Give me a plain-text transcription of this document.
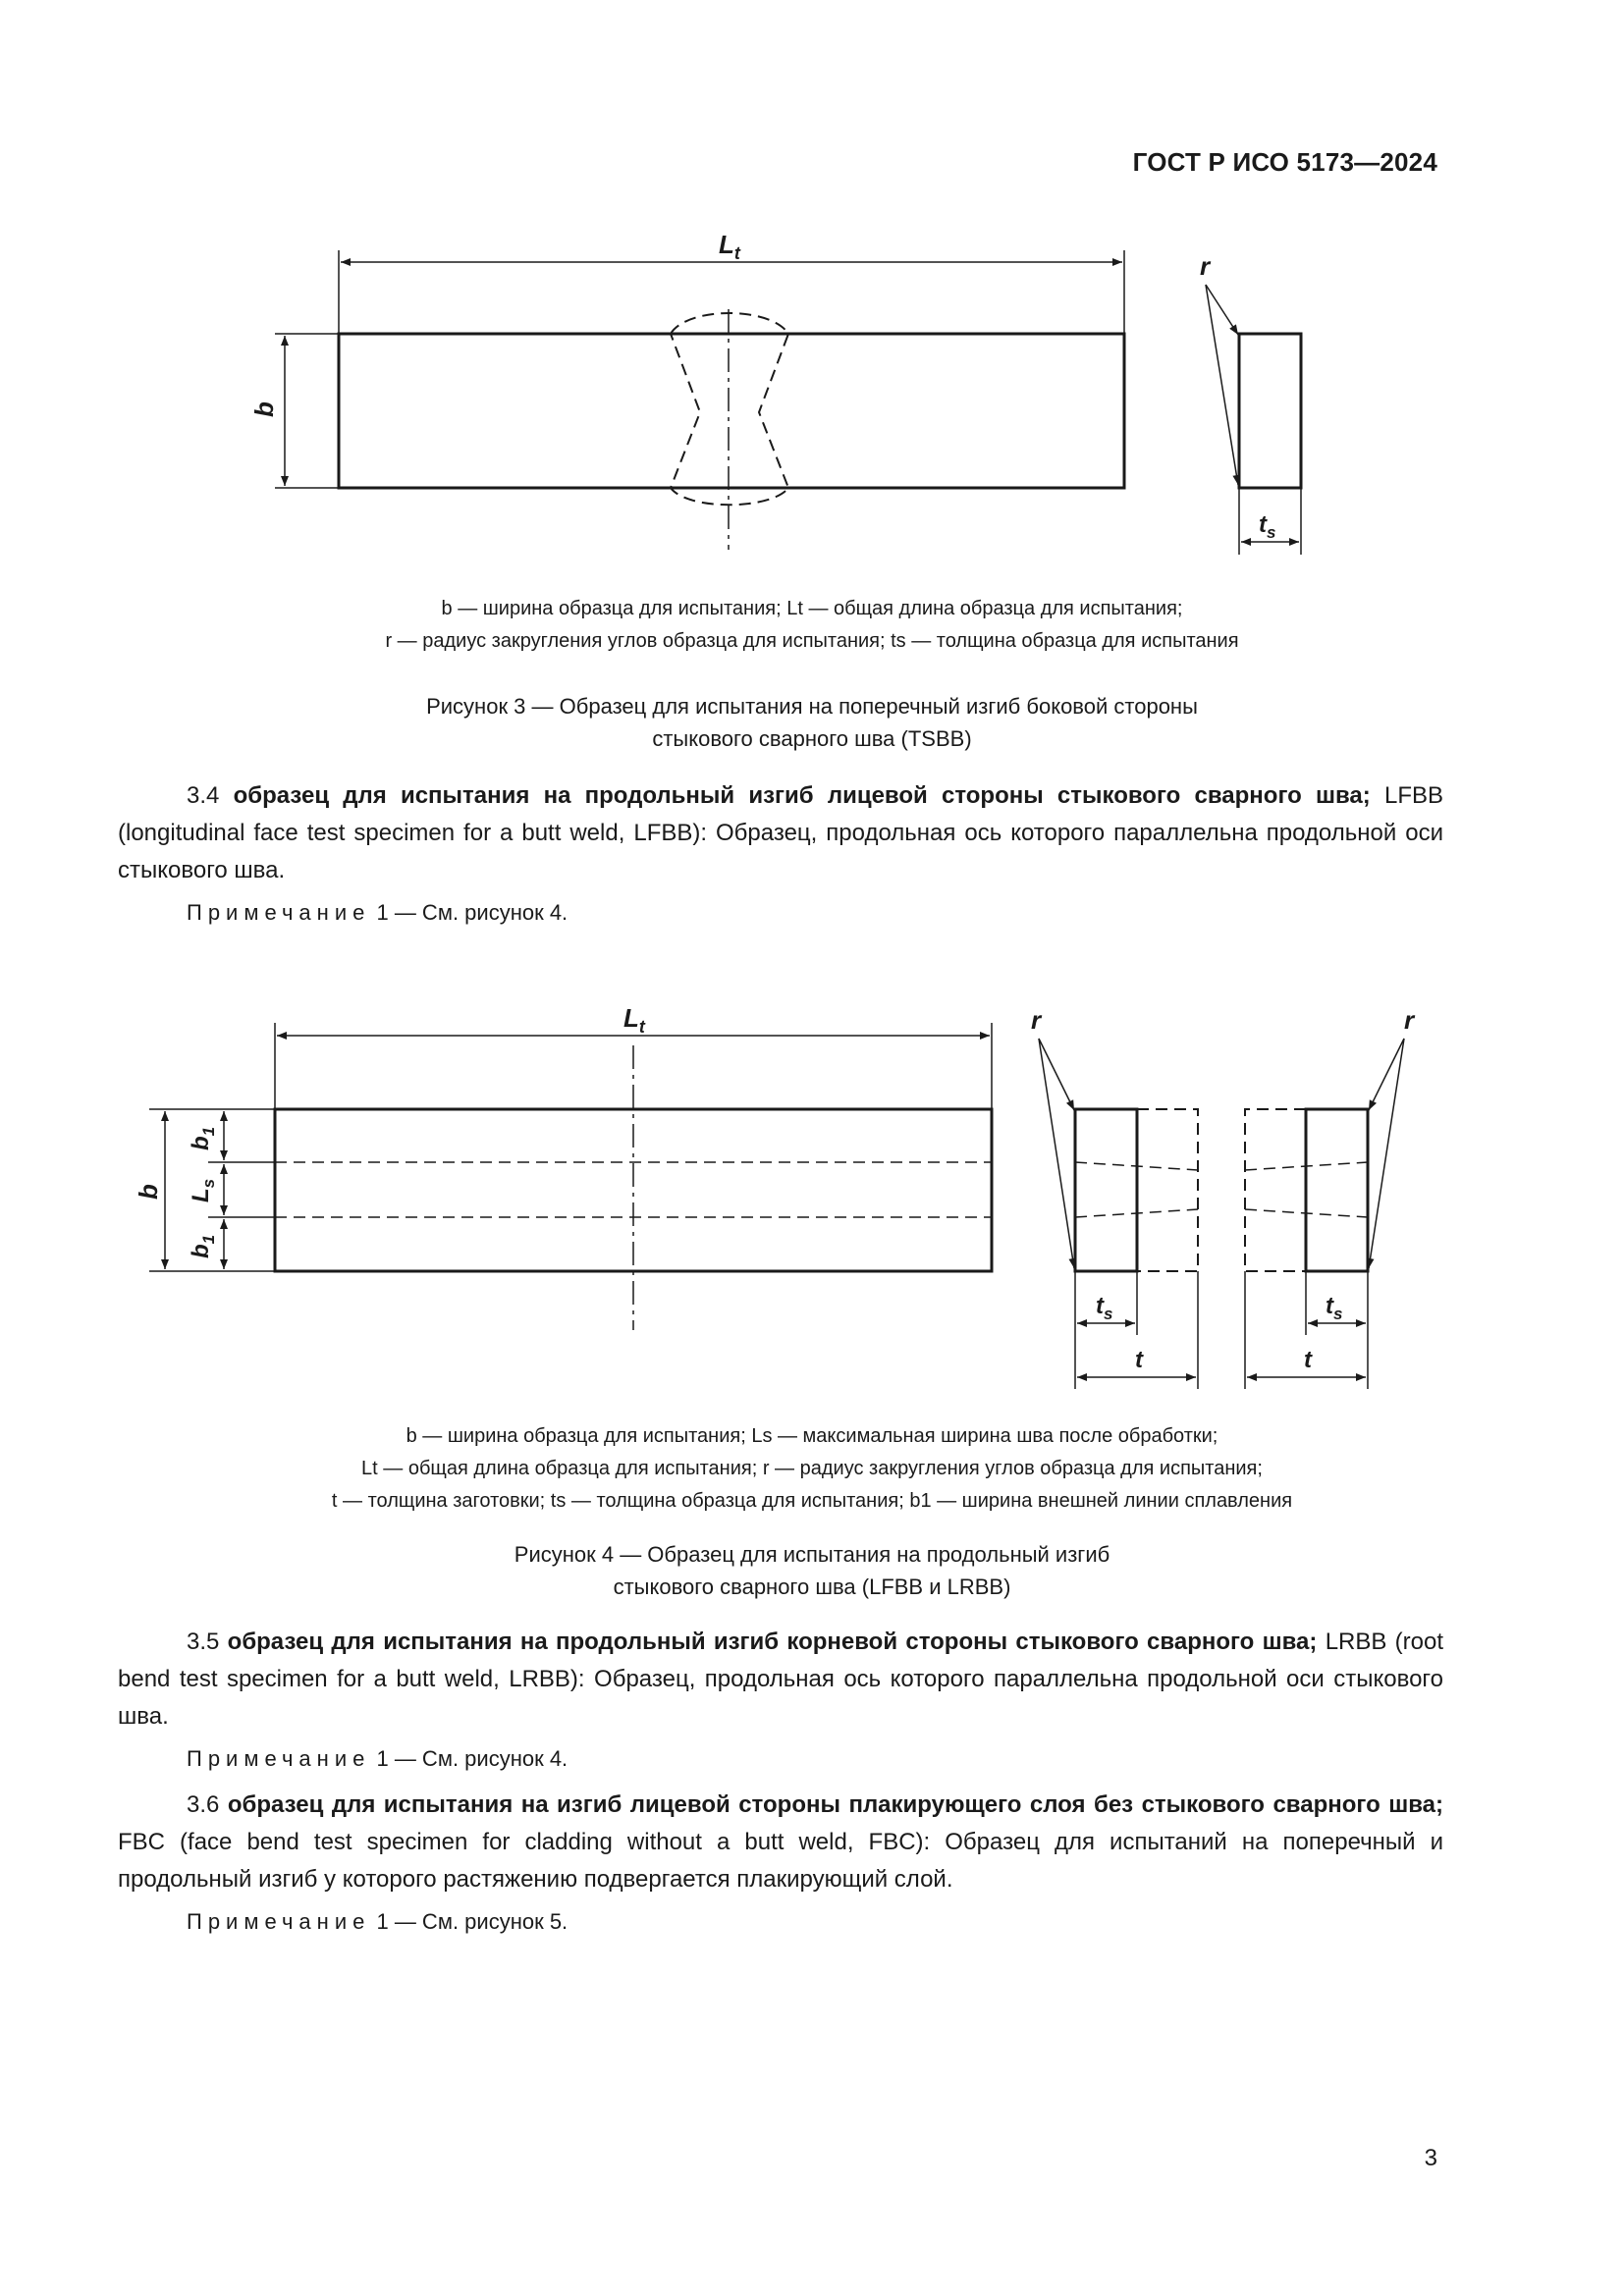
ГОСТ Р ИСО 5173—2024
$L_t$
b
r
$t_s$
b — ширина образца для испытания; Lt — общая длина образца для испытания;
r — радиус закругления углов образца для испытания; ts — толщина образца для испытания
Рисунок 3 — Образец для испытания на поперечный изгиб боковой стороны
стыкового сварного шва (TSBB)
3.4 образец для испытания на продольный изгиб лицевой стороны стыкового сварного шва; LFBB (longitudinal face test specimen for a butt weld, LFBB): Образец, продольная ось которого параллельна продольной оси стыкового шва.
Примечание 1 — См. рисунок 4.
$L_t$
b
$b_1$
$L_s$
$b_1$
r	r
$t_s$
t
$t_s$
t
b — ширина образца для испытания; Ls — максимальная ширина шва после обработки;
Lt — общая длина образца для испытания; r — радиус закругления углов образца для испытания;
t — толщина заготовки; ts — толщина образца для испытания; b1 — ширина внешней линии сплавления
Рисунок 4 — Образец для испытания на продольный изгиб
стыкового сварного шва (LFBB и LRBB)
3.5 образец для испытания на продольный изгиб корневой стороны стыкового сварного шва; LRBB (root bend test specimen for a butt weld, LRBB): Образец, продольная ось которого параллельна продольной оси стыкового шва.
Примечание 1 — См. рисунок 4.
3.6 образец для испытания на изгиб лицевой стороны плакирующего слоя без стыкового сварного шва; FBC (face bend test specimen for cladding without a butt weld, FBC): Образец для испытаний на поперечный и продольный изгиб у которого растяжению подвергается плакирующий слой.
Примечание 1 — См. рисунок 5.
3
